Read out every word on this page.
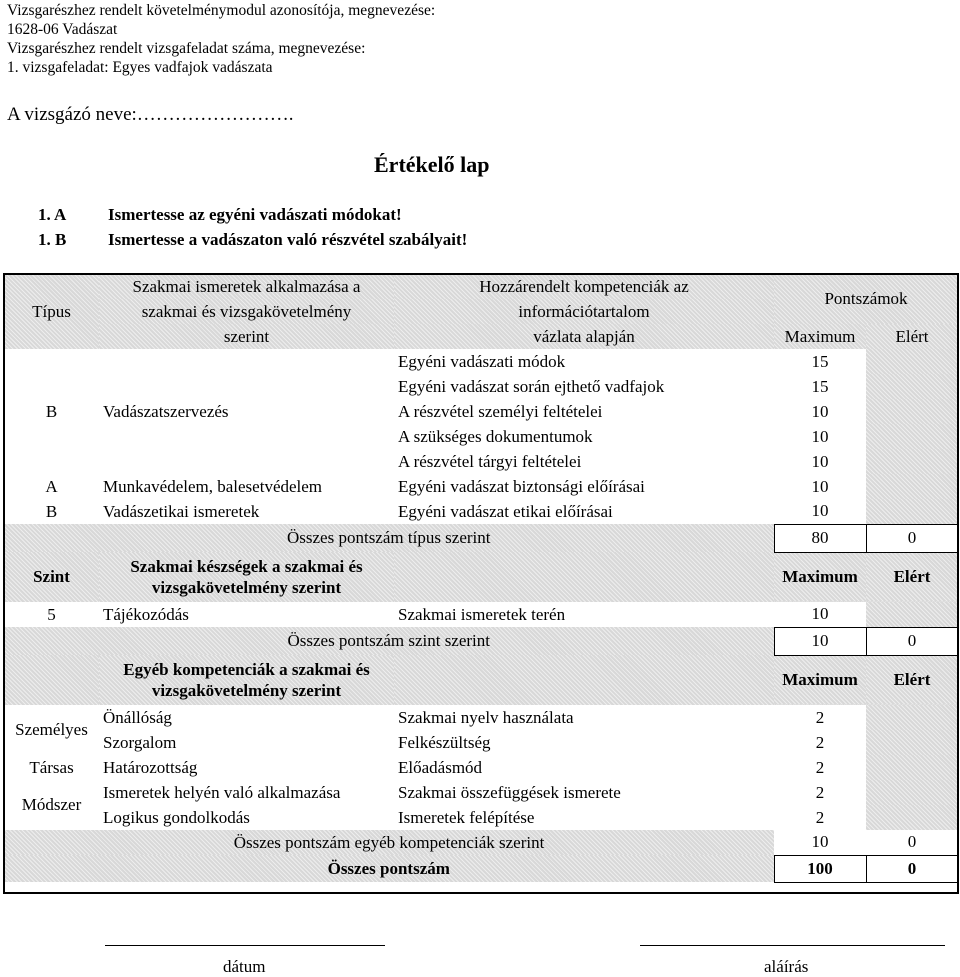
Vizsgarészhez rendelt követelménymodul azonosítója, megnevezése:
1628-06 Vadászat
Vizsgarészhez rendelt vizsgafeladat száma, megnevezése:
1. vizsgafeladat: Egyes vadfajok vadászata
A vizsgázó neve:…………………….
Értékelő lap
1. A Ismertesse az egyéni vadászati módokat!
1. B Ismertesse a vadászaton való részvétel szabályait!
Típus	Szakmai ismeretek alkalmazása a	Hozzárendelt kompetenciák az	Pontszámok	
	szakmai és vizsgakövetelmény	információtartalom		
	szerint	vázlata alapján	Maximum	Elért
B	Vadászatszervezés	Egyéni vadászati módok	15	
		Egyéni vadászat során ejthető vadfajok	15	
		A részvétel személyi feltételei	10	
		A szükséges dokumentumok	10	
		A részvétel tárgyi feltételei	10	
A	Munkavédelem, balesetvédelem	Egyéni vadászat biztonsági előírásai	10	
B	Vadászetikai ismeretek	Egyéni vadászat etikai előírásai	10	
Összes pontszám típus szerint			80	0
Szint	Szakmai készségek a szakmai és
vizsgakövetelmény szerint		Maximum	Elért
5	Tájékozódás	Szakmai ismeretek terén	10	
Összes pontszám szint szerint			10	0
	Egyéb kompetenciák a szakmai és
vizsgakövetelmény szerint		Maximum	Elért
Személyes	Önállóság	Szakmai nyelv használata	2	
	Szorgalom	Felkészültség	2	
Társas	Határozottság	Előadásmód	2	
Módszer	Ismeretek helyén való alkalmazása	Szakmai összefüggések ismerete	2	
	Logikus gondolkodás	Ismeretek felépítése	2	
Összes pontszám egyéb kompetenciák szerint			10	0
Összes pontszám			100	0
dátum	aláírás
